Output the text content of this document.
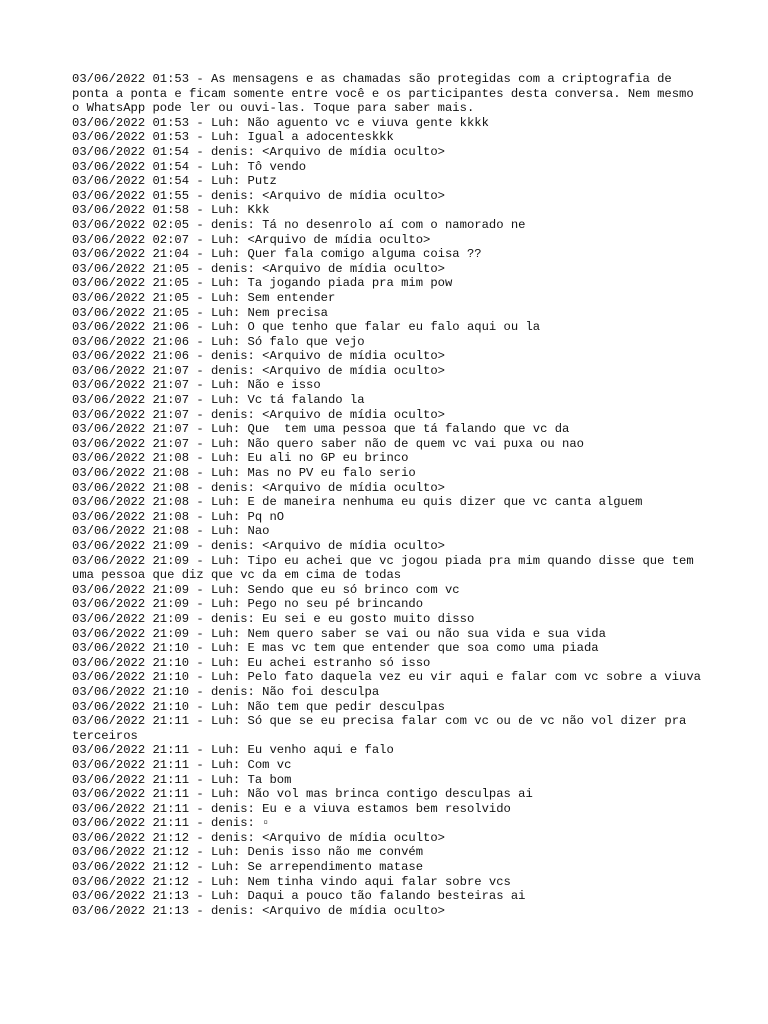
03/06/2022 01:53 - As mensagens e as chamadas são protegidas com a criptografia de ponta a ponta e ficam somente entre você e os participantes desta conversa. Nem mesmo o WhatsApp pode ler ou ouvi-las. Toque para saber mais.
03/06/2022 01:53 - Luh: Não aguento vc e viuva gente kkkk
03/06/2022 01:53 - Luh: Igual a adocenteskkk
03/06/2022 01:54 - denis: <Arquivo de mídia oculto>
03/06/2022 01:54 - Luh: Tô vendo
03/06/2022 01:54 - Luh: Putz
03/06/2022 01:55 - denis: <Arquivo de mídia oculto>
03/06/2022 01:58 - Luh: Kkk
03/06/2022 02:05 - denis: Tá no desenrolo aí com o namorado ne
03/06/2022 02:07 - Luh: <Arquivo de mídia oculto>
03/06/2022 21:04 - Luh: Quer fala comigo alguma coisa ??
03/06/2022 21:05 - denis: <Arquivo de mídia oculto>
03/06/2022 21:05 - Luh: Ta jogando piada pra mim pow
03/06/2022 21:05 - Luh: Sem entender
03/06/2022 21:05 - Luh: Nem precisa
03/06/2022 21:06 - Luh: O que tenho que falar eu falo aqui ou la
03/06/2022 21:06 - Luh: Só falo que vejo
03/06/2022 21:06 - denis: <Arquivo de mídia oculto>
03/06/2022 21:07 - denis: <Arquivo de mídia oculto>
03/06/2022 21:07 - Luh: Não e isso
03/06/2022 21:07 - Luh: Vc tá falando la
03/06/2022 21:07 - denis: <Arquivo de mídia oculto>
03/06/2022 21:07 - Luh: Que  tem uma pessoa que tá falando que vc da
03/06/2022 21:07 - Luh: Não quero saber não de quem vc vai puxa ou nao
03/06/2022 21:08 - Luh: Eu ali no GP eu brinco
03/06/2022 21:08 - Luh: Mas no PV eu falo serio
03/06/2022 21:08 - denis: <Arquivo de mídia oculto>
03/06/2022 21:08 - Luh: E de maneira nenhuma eu quis dizer que vc canta alguem
03/06/2022 21:08 - Luh: Pq nO
03/06/2022 21:08 - Luh: Nao
03/06/2022 21:09 - denis: <Arquivo de mídia oculto>
03/06/2022 21:09 - Luh: Tipo eu achei que vc jogou piada pra mim quando disse que tem uma pessoa que diz que vc da em cima de todas
03/06/2022 21:09 - Luh: Sendo que eu só brinco com vc
03/06/2022 21:09 - Luh: Pego no seu pé brincando
03/06/2022 21:09 - denis: Eu sei e eu gosto muito disso
03/06/2022 21:09 - Luh: Nem quero saber se vai ou não sua vida e sua vida
03/06/2022 21:10 - Luh: E mas vc tem que entender que soa como uma piada
03/06/2022 21:10 - Luh: Eu achei estranho só isso
03/06/2022 21:10 - Luh: Pelo fato daquela vez eu vir aqui e falar com vc sobre a viuva
03/06/2022 21:10 - denis: Não foi desculpa
03/06/2022 21:10 - Luh: Não tem que pedir desculpas
03/06/2022 21:11 - Luh: Só que se eu precisa falar com vc ou de vc não vol dizer pra terceiros
03/06/2022 21:11 - Luh: Eu venho aqui e falo
03/06/2022 21:11 - Luh: Com vc
03/06/2022 21:11 - Luh: Ta bom
03/06/2022 21:11 - Luh: Não vol mas brinca contigo desculpas ai
03/06/2022 21:11 - denis: Eu e a viuva estamos bem resolvido
03/06/2022 21:11 - denis: ▫
03/06/2022 21:12 - denis: <Arquivo de mídia oculto>
03/06/2022 21:12 - Luh: Denis isso não me convém
03/06/2022 21:12 - Luh: Se arrependimento matase
03/06/2022 21:12 - Luh: Nem tinha vindo aqui falar sobre vcs
03/06/2022 21:13 - Luh: Daqui a pouco tão falando besteiras ai
03/06/2022 21:13 - denis: <Arquivo de mídia oculto>
